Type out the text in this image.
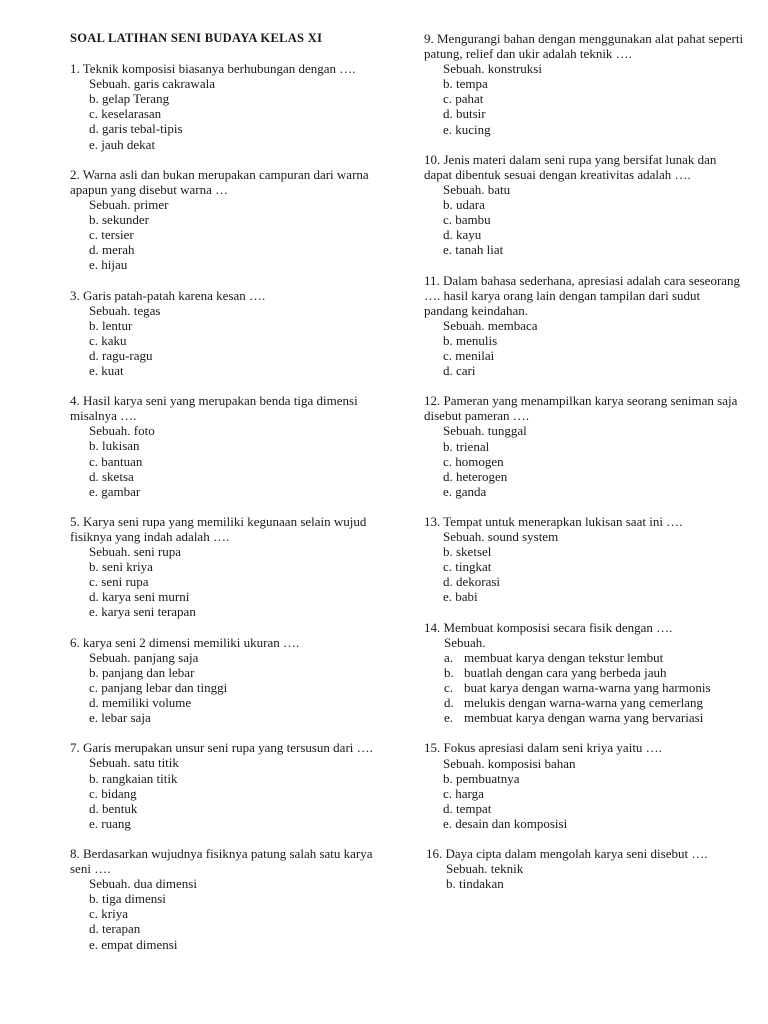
SOAL LATIHAN SENI BUDAYA KELAS XI

1. Teknik komposisi biasanya berhubungan dengan ….

Sebuah. garis cakrawala
b. gelap Terang
c. keselarasan
d. garis tebal-tipis
e. jauh dekat

2. Warna asli dan bukan merupakan campuran dari warna apapun yang disebut warna …

Sebuah. primer
b. sekunder
c. tersier
d. merah
e. hijau

3. Garis patah-patah karena kesan ….

Sebuah. tegas
b. lentur
c. kaku
d. ragu-ragu
e. kuat

4. Hasil karya seni yang merupakan benda tiga dimensi misalnya ….

Sebuah. foto
b. lukisan
c. bantuan
d. sketsa
e. gambar

5. Karya seni rupa yang memiliki kegunaan selain wujud fisiknya yang indah adalah ….

Sebuah. seni rupa
b. seni kriya
c. seni rupa
d. karya seni murni
e. karya seni terapan

6. karya seni 2 dimensi memiliki ukuran ….

Sebuah. panjang saja
b. panjang dan lebar
c. panjang lebar dan tinggi
d. memiliki volume
e. lebar saja

7. Garis merupakan unsur seni rupa yang tersusun dari ….

Sebuah. satu titik
b. rangkaian titik
c. bidang
d. bentuk
e. ruang

8. Berdasarkan wujudnya fisiknya patung salah satu karya seni ….

Sebuah. dua dimensi
b. tiga dimensi
c. kriya
d. terapan
e. empat dimensi

9. Mengurangi bahan dengan menggunakan alat pahat seperti patung, relief dan ukir adalah teknik ….

Sebuah. konstruksi
b. tempa
c. pahat
d. butsir
e. kucing

10. Jenis materi dalam seni rupa yang bersifat lunak dan dapat dibentuk sesuai dengan kreativitas adalah ….

Sebuah. batu
b. udara
c. bambu
d. kayu
e. tanah liat

11. Dalam bahasa sederhana, apresiasi adalah cara seseorang …. hasil karya orang lain dengan tampilan dari sudut pandang keindahan.

Sebuah. membaca
b. menulis
c. menilai
d. cari

12. Pameran yang menampilkan karya seorang seniman saja disebut pameran ….

Sebuah. tunggal
b. trienal
c. homogen
d. heterogen
e. ganda

13. Tempat untuk menerapkan lukisan saat ini ….

Sebuah. sound system
b. sketsel
c. tingkat
d. dekorasi
e. babi

14. Membuat komposisi secara fisik dengan ….

Sebuah.
a. membuat karya dengan tekstur lembut
b. buatlah dengan cara yang berbeda jauh
c. buat karya dengan warna-warna yang harmonis
d. melukis dengan warna-warna yang cemerlang
e. membuat karya dengan warna yang bervariasi

15. Fokus apresiasi dalam seni kriya yaitu ….

Sebuah. komposisi bahan
b. pembuatnya
c. harga
d. tempat
e. desain dan komposisi

16. Daya cipta dalam mengolah karya seni disebut ….

Sebuah. teknik
b. tindakan
